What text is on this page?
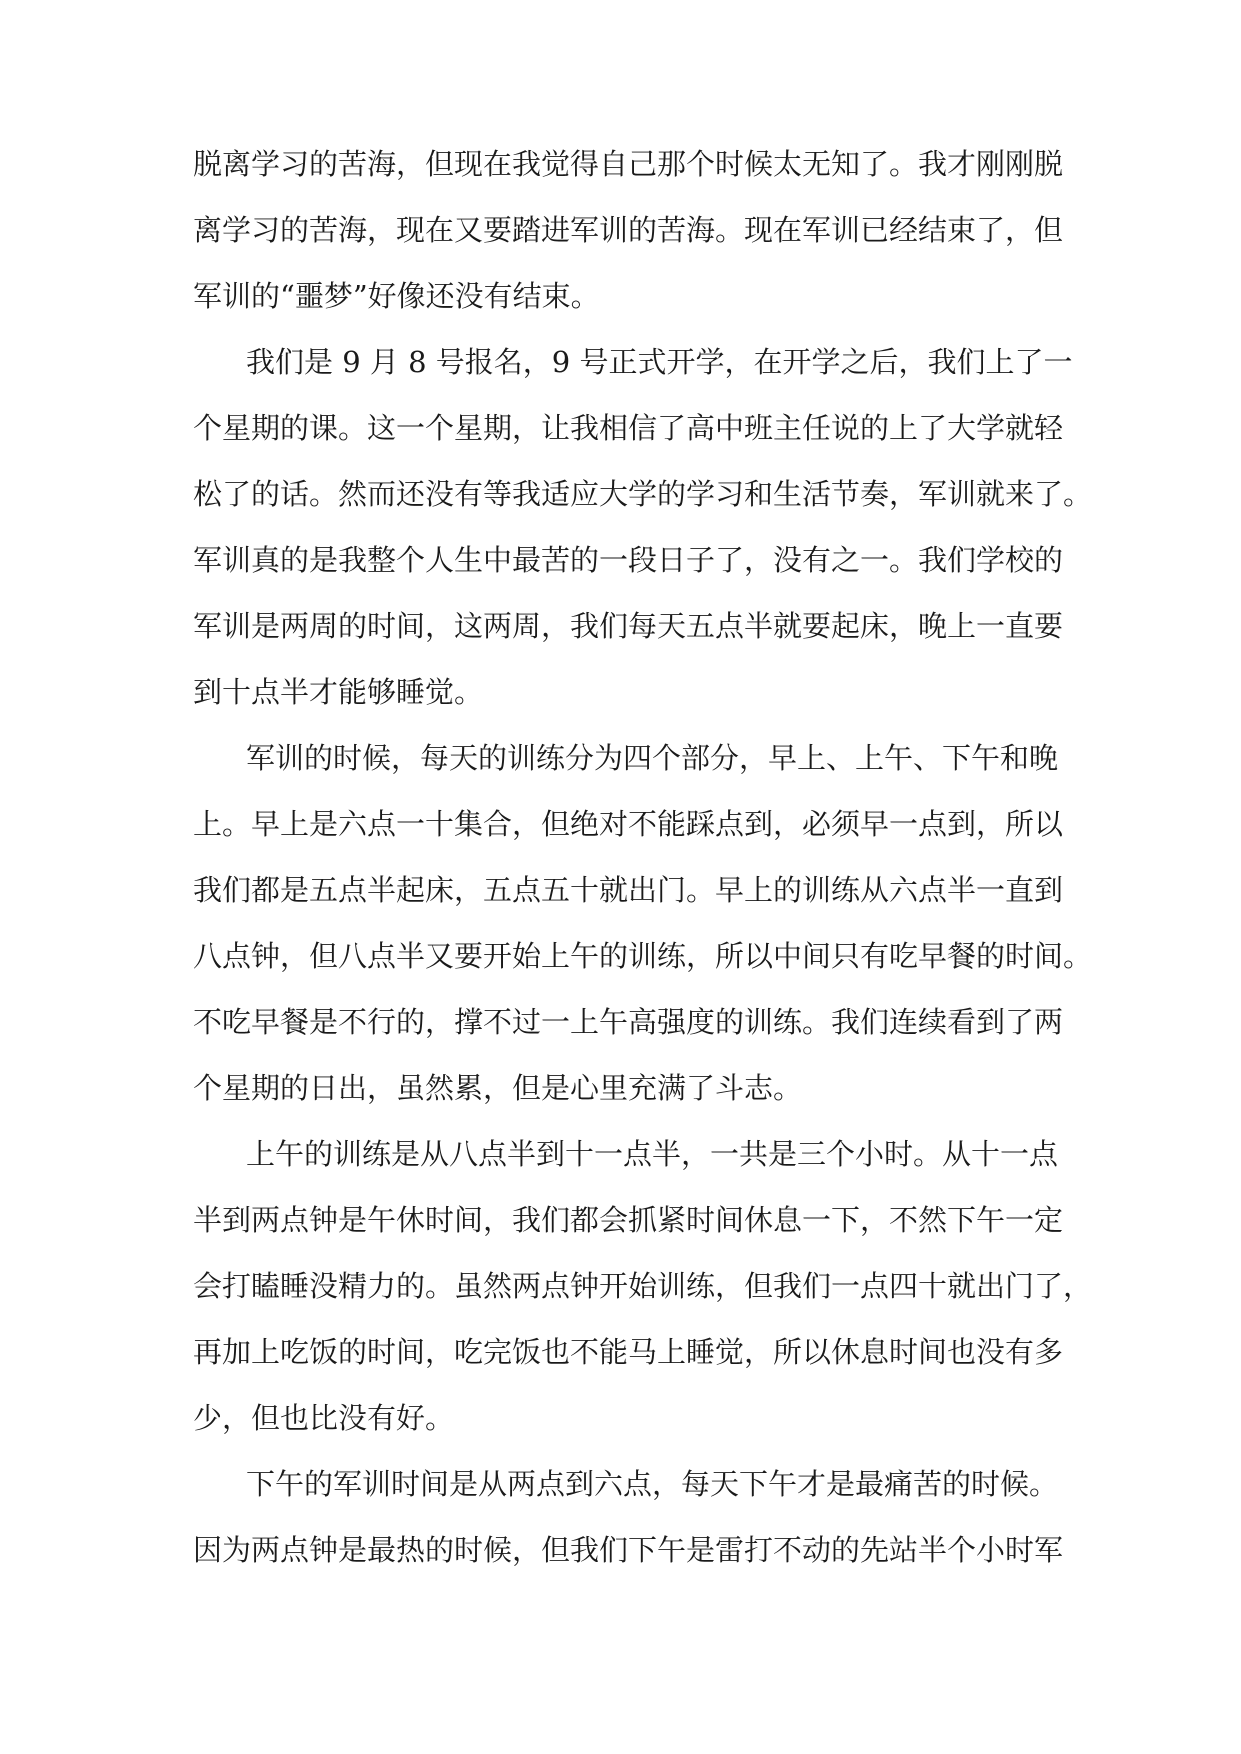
脱离学习的苦海，但现在我觉得自己那个时候太无知了。我才刚刚脱

离学习的苦海，现在又要踏进军训的苦海。现在军训已经结束了，但

军训的“噩梦”好像还没有结束。

我们是 9 月 8 号报名，9 号正式开学，在开学之后，我们上了一

个星期的课。这一个星期，让我相信了高中班主任说的上了大学就轻

松了的话。然而还没有等我适应大学的学习和生活节奏，军训就来了。

军训真的是我整个人生中最苦的一段日子了，没有之一。我们学校的

军训是两周的时间，这两周，我们每天五点半就要起床，晚上一直要

到十点半才能够睡觉。

军训的时候，每天的训练分为四个部分，早上、上午、下午和晚

上。早上是六点一十集合，但绝对不能踩点到，必须早一点到，所以

我们都是五点半起床，五点五十就出门。早上的训练从六点半一直到

八点钟，但八点半又要开始上午的训练，所以中间只有吃早餐的时间。

不吃早餐是不行的，撑不过一上午高强度的训练。我们连续看到了两

个星期的日出，虽然累，但是心里充满了斗志。

上午的训练是从八点半到十一点半，一共是三个小时。从十一点

半到两点钟是午休时间，我们都会抓紧时间休息一下，不然下午一定

会打瞌睡没精力的。虽然两点钟开始训练，但我们一点四十就出门了，

再加上吃饭的时间，吃完饭也不能马上睡觉，所以休息时间也没有多

少，但也比没有好。

下午的军训时间是从两点到六点，每天下午才是最痛苦的时候。

因为两点钟是最热的时候，但我们下午是雷打不动的先站半个小时军
